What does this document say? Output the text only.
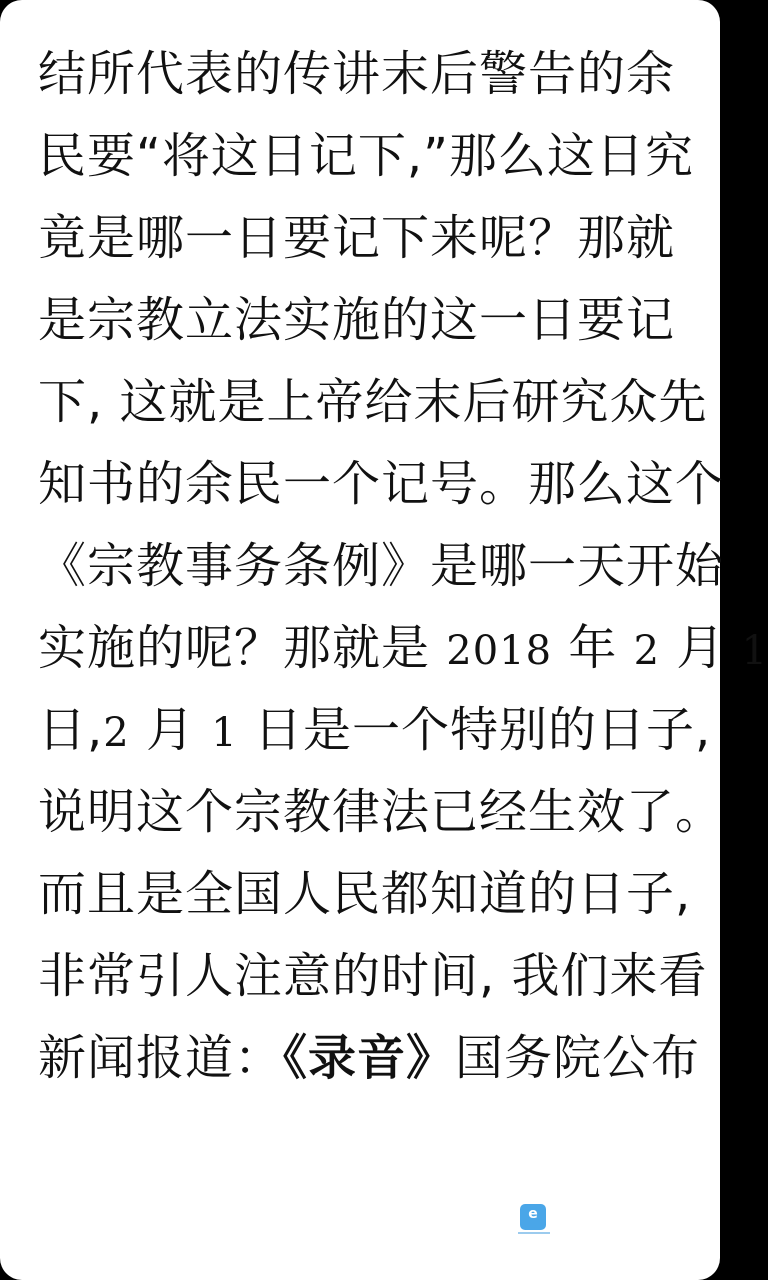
结所代表的传讲末后警告的余
民要“将这日记下,”那么这日究
竟是哪一日要记下来呢？那就
是宗教立法实施的这一日要记
下, 这就是上帝给末后研究众先
知书的余民一个记号。那么这个
《宗教事务条例》是哪一天开始
实施的呢？那就是 2018 年 2 月 1
日,2 月 1 日是一个特别的日子,
说明这个宗教律法已经生效了。
而且是全国人民都知道的日子,
非常引人注意的时间, 我们来看
新闻报道：《录音》国务院公布
e
